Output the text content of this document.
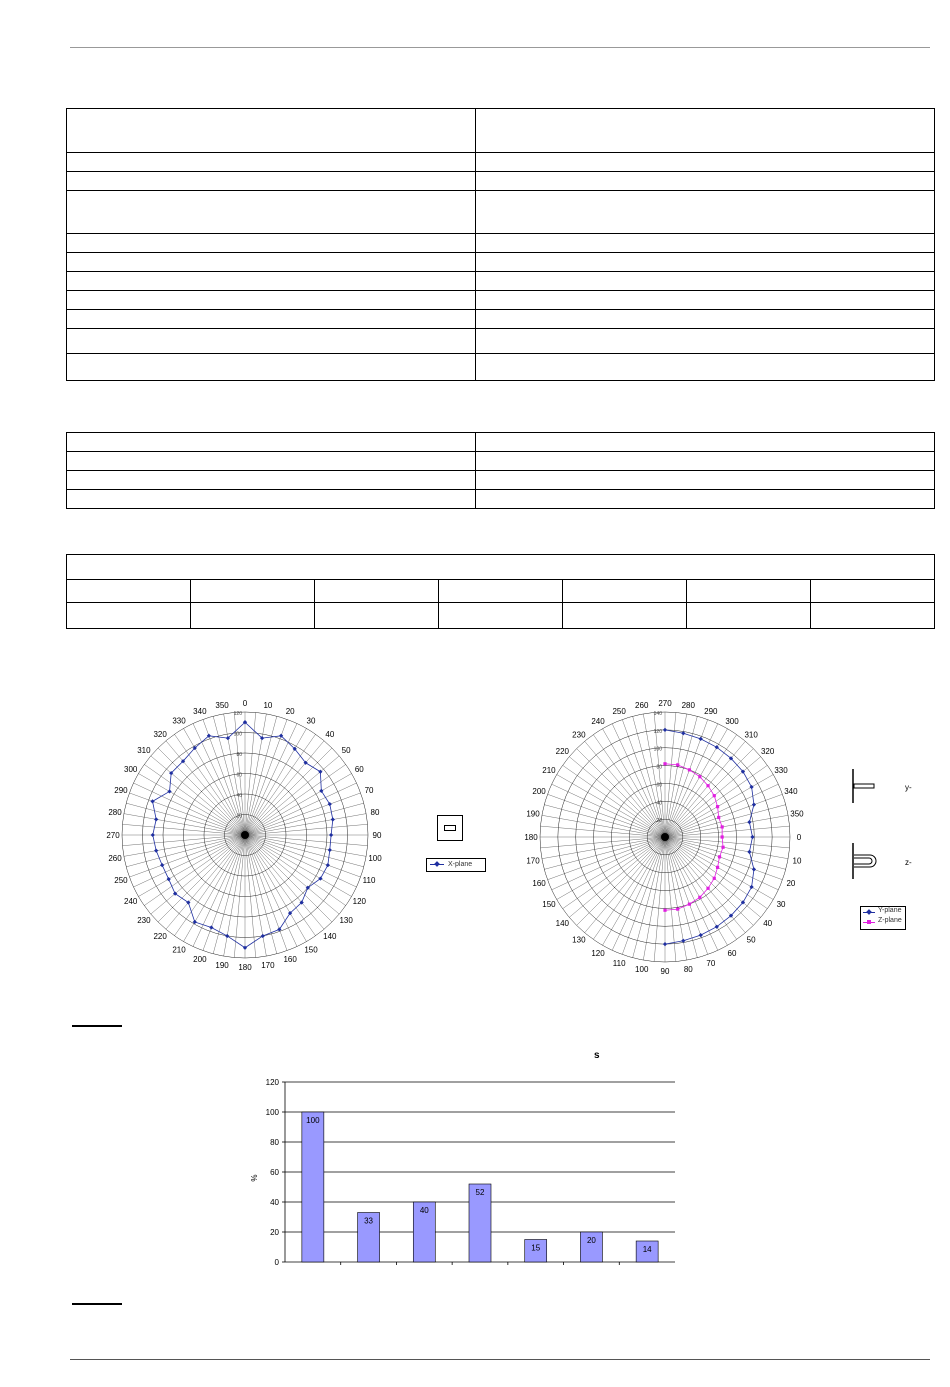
0 10
20
30
40
50
60
70
80
90
100
110
120
130
140
150
160
170
180
190
200
210
220
230
240
250
260
270
280
290
300
310
320
330
340
350
20
40
60
80
100
120
X-plane
270 280
290
300
310
320
330
340
350
0
10
20
30
40
50
60
70
80
90
100
110
120
130
140
150
160
170
180
190
200
210
220
230
240
250
260
20
40
60
80
100
120
140
y-
z-
Y-plane
Z-plane
s
0
20
40
60
80
100
120
%
100
33
40
52
15
20
14
